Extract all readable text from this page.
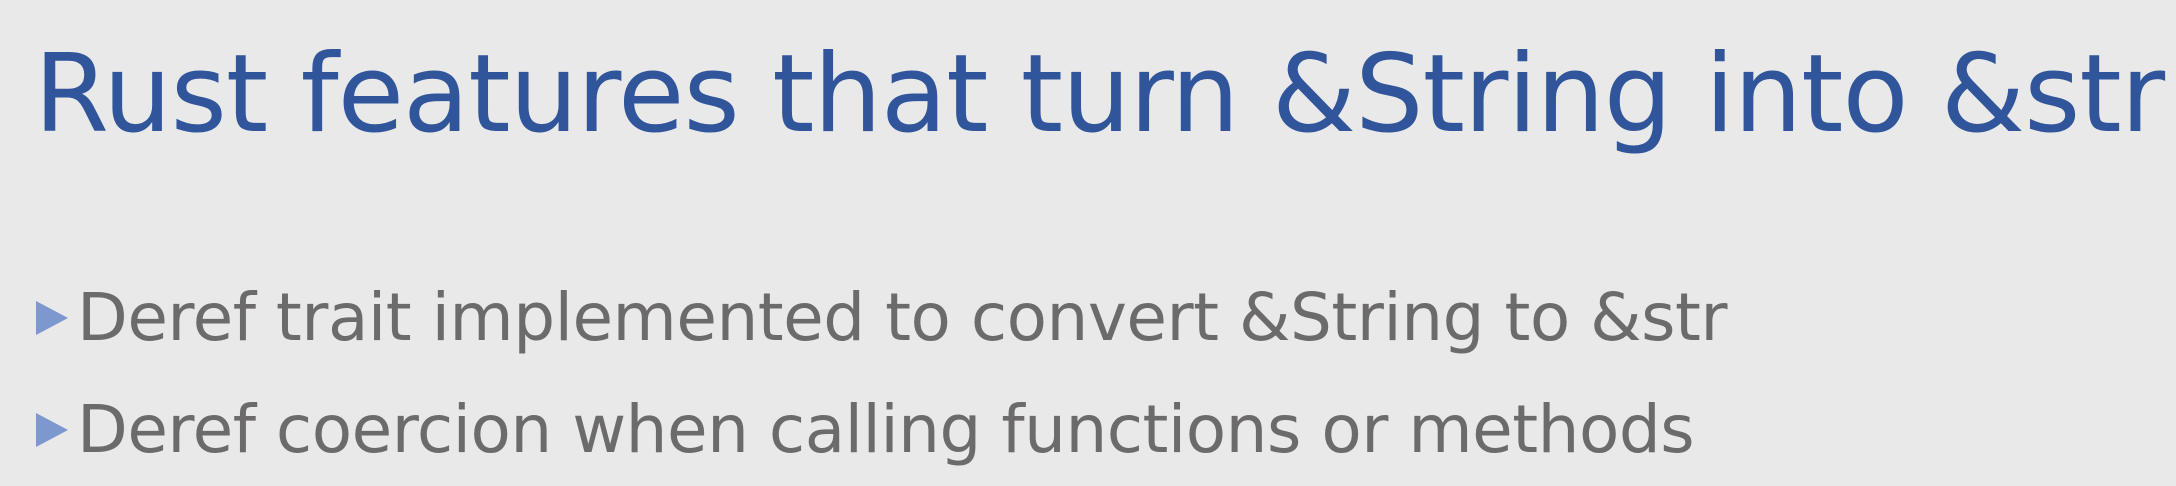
Rust features that turn &String into &str
Deref trait implemented to convert &String to &str
Deref coercion when calling functions or methods
